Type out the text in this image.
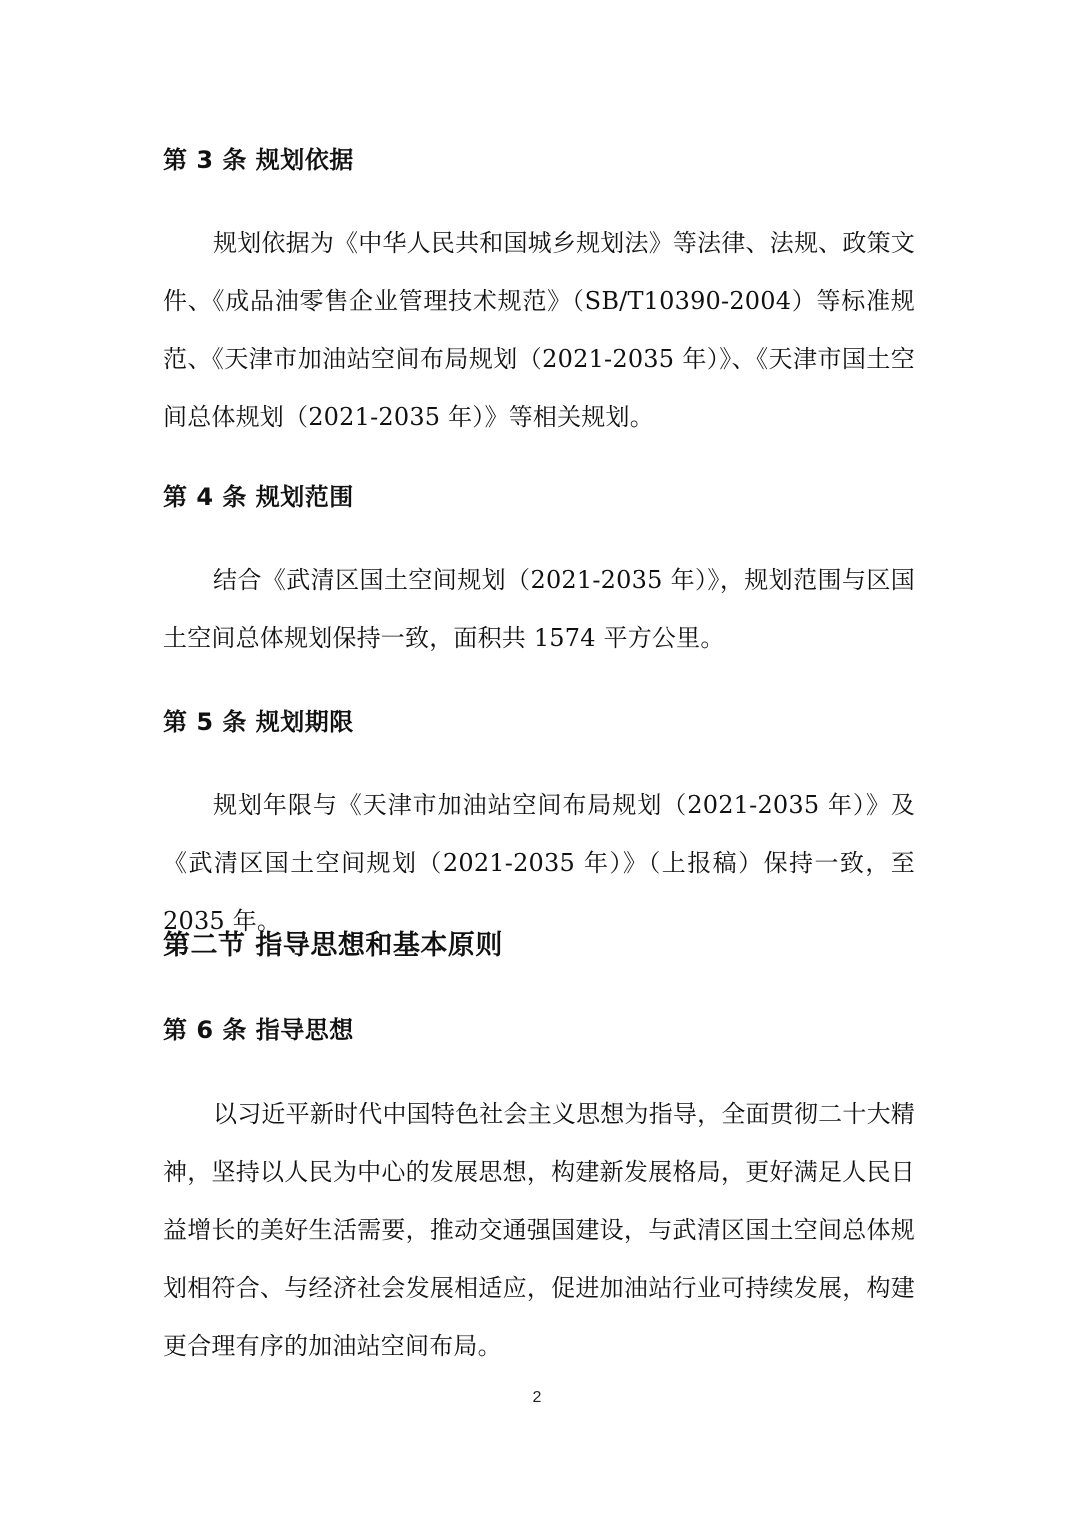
第 3 条 规划依据
规划依据为《中华人民共和国城乡规划法》等法律、法规、政策文件、《成品油零售企业管理技术规范》（SB/T10390-2004）等标准规范、《天津市加油站空间布局规划（2021-2035 年）》、《天津市国土空间总体规划（2021-2035 年）》等相关规划。
第 4 条 规划范围
结合《武清区国土空间规划（2021-2035 年）》，规划范围与区国土空间总体规划保持一致，面积共 1574 平方公里。
第 5 条 规划期限
规划年限与《天津市加油站空间布局规划（2021-2035 年）》及《武清区国土空间规划（2021-2035 年）》（上报稿）保持一致，至 2035 年。
第二节 指导思想和基本原则
第 6 条 指导思想
以习近平新时代中国特色社会主义思想为指导，全面贯彻二十大精神，坚持以人民为中心的发展思想，构建新发展格局，更好满足人民日益增长的美好生活需要，推动交通强国建设，与武清区国土空间总体规划相符合、与经济社会发展相适应，促进加油站行业可持续发展，构建更合理有序的加油站空间布局。
2
